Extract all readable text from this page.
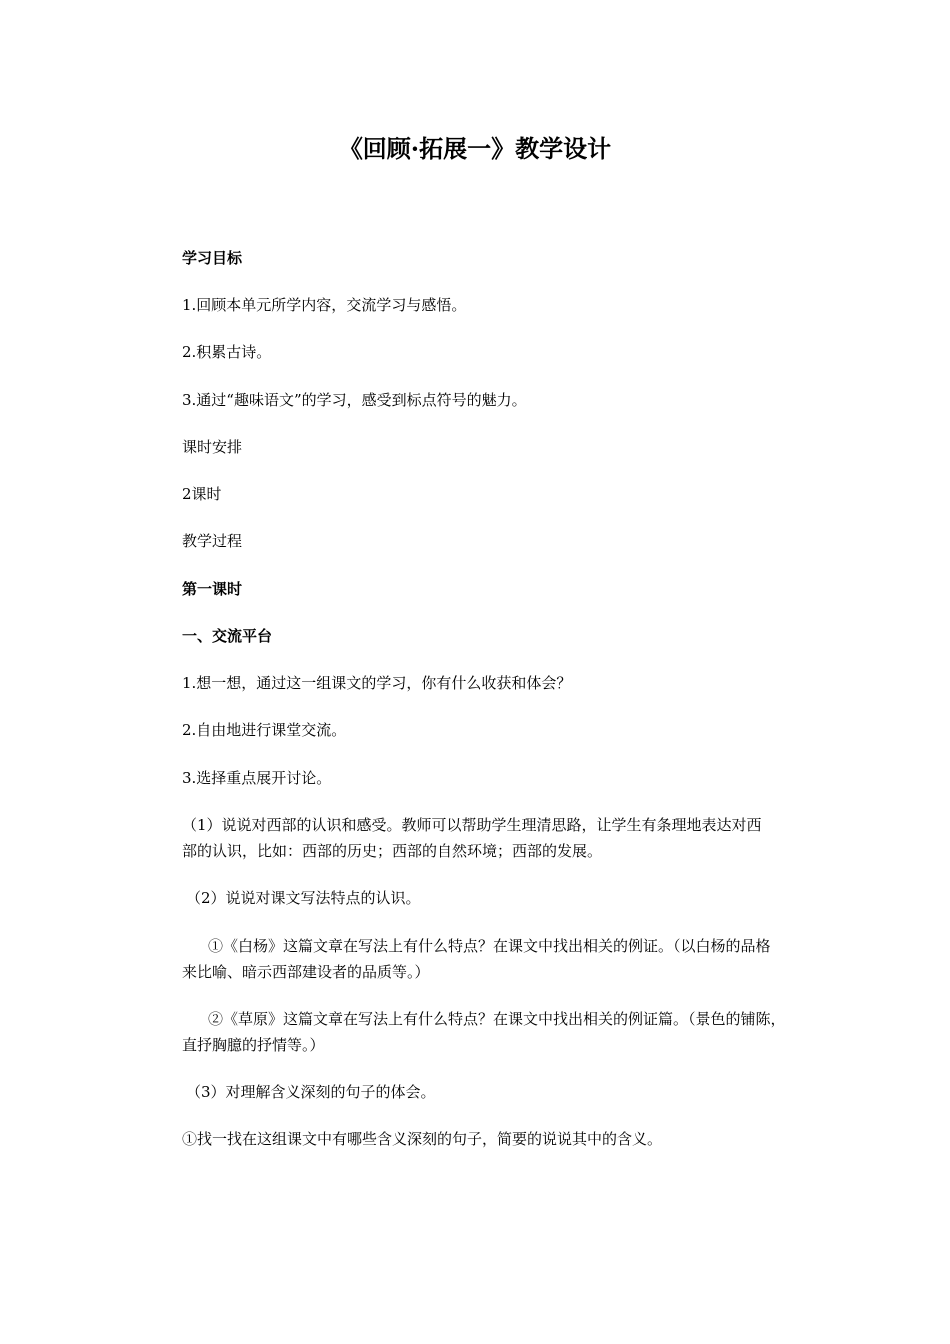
《回顾·拓展一》教学设计
学习目标
1.回顾本单元所学内容，交流学习与感悟。
2.积累古诗。
3.通过“趣味语文”的学习，感受到标点符号的魅力。
课时安排
2课时
教学过程
第一课时
一、交流平台
1.想一想，通过这一组课文的学习，你有什么收获和体会？
2.自由地进行课堂交流。
3.选择重点展开讨论。
（1）说说对西部的认识和感受。教师可以帮助学生理清思路，让学生有条理地表达对西
部的认识，比如：西部的历史；西部的自然环境；西部的发展。
（2）说说对课文写法特点的认识。
①《白杨》这篇文章在写法上有什么特点？在课文中找出相关的例证。（以白杨的品格
来比喻、暗示西部建设者的品质等。）
②《草原》这篇文章在写法上有什么特点？在课文中找出相关的例证篇。（景色的铺陈，
直抒胸臆的抒情等。）
（3）对理解含义深刻的句子的体会。
①找一找在这组课文中有哪些含义深刻的句子，简要的说说其中的含义。
